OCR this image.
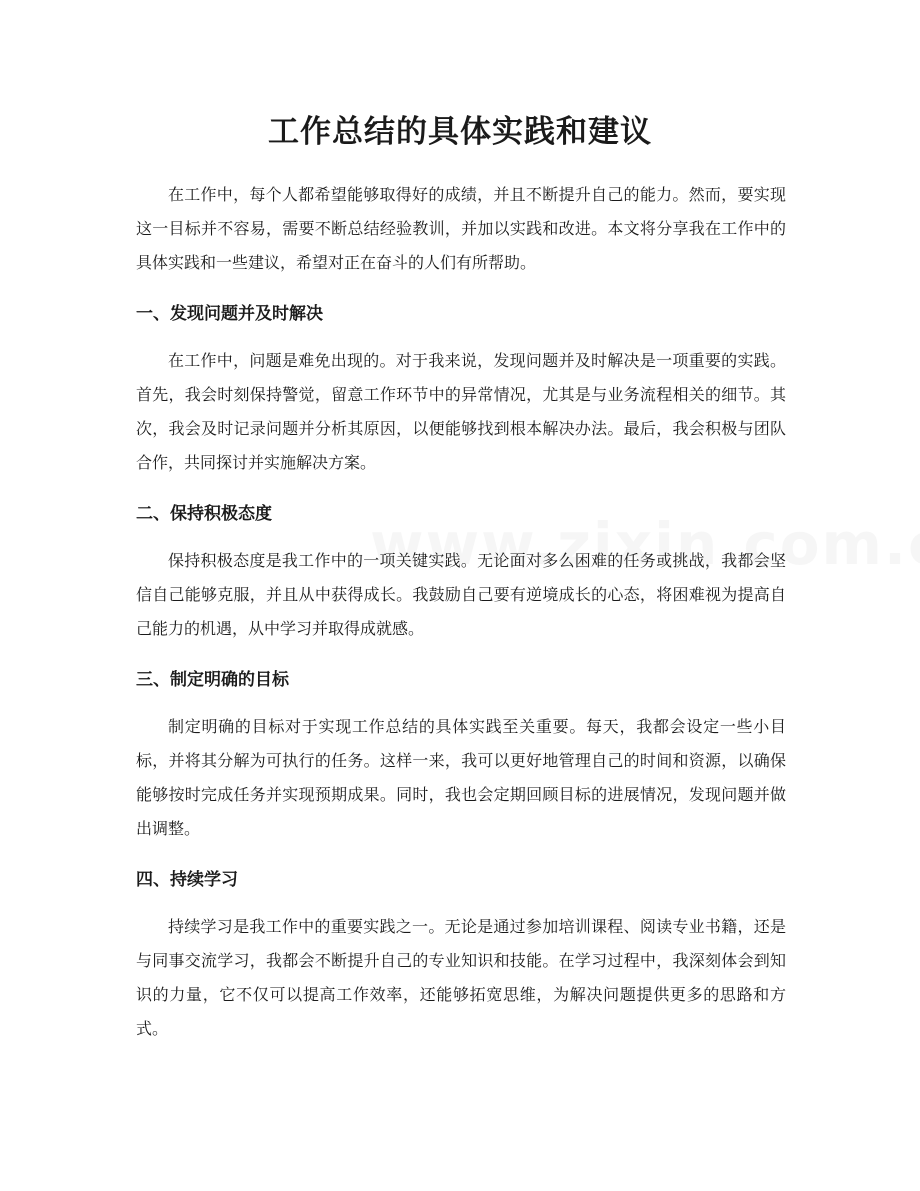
工作总结的具体实践和建议

在工作中，每个人都希望能够取得好的成绩，并且不断提升自己的能力。然而，要实现这一目标并不容易，需要不断总结经验教训，并加以实践和改进。本文将分享我在工作中的具体实践和一些建议，希望对正在奋斗的人们有所帮助。

一、发现问题并及时解决

在工作中，问题是难免出现的。对于我来说，发现问题并及时解决是一项重要的实践。首先，我会时刻保持警觉，留意工作环节中的异常情况，尤其是与业务流程相关的细节。其次，我会及时记录问题并分析其原因，以便能够找到根本解决办法。最后，我会积极与团队合作，共同探讨并实施解决方案。

二、保持积极态度

保持积极态度是我工作中的一项关键实践。无论面对多么困难的任务或挑战，我都会坚信自己能够克服，并且从中获得成长。我鼓励自己要有逆境成长的心态，将困难视为提高自己能力的机遇，从中学习并取得成就感。

三、制定明确的目标

制定明确的目标对于实现工作总结的具体实践至关重要。每天，我都会设定一些小目标，并将其分解为可执行的任务。这样一来，我可以更好地管理自己的时间和资源，以确保能够按时完成任务并实现预期成果。同时，我也会定期回顾目标的进展情况，发现问题并做出调整。

四、持续学习

持续学习是我工作中的重要实践之一。无论是通过参加培训课程、阅读专业书籍，还是与同事交流学习，我都会不断提升自己的专业知识和技能。在学习过程中，我深刻体会到知识的力量，它不仅可以提高工作效率，还能够拓宽思维，为解决问题提供更多的思路和方式。
